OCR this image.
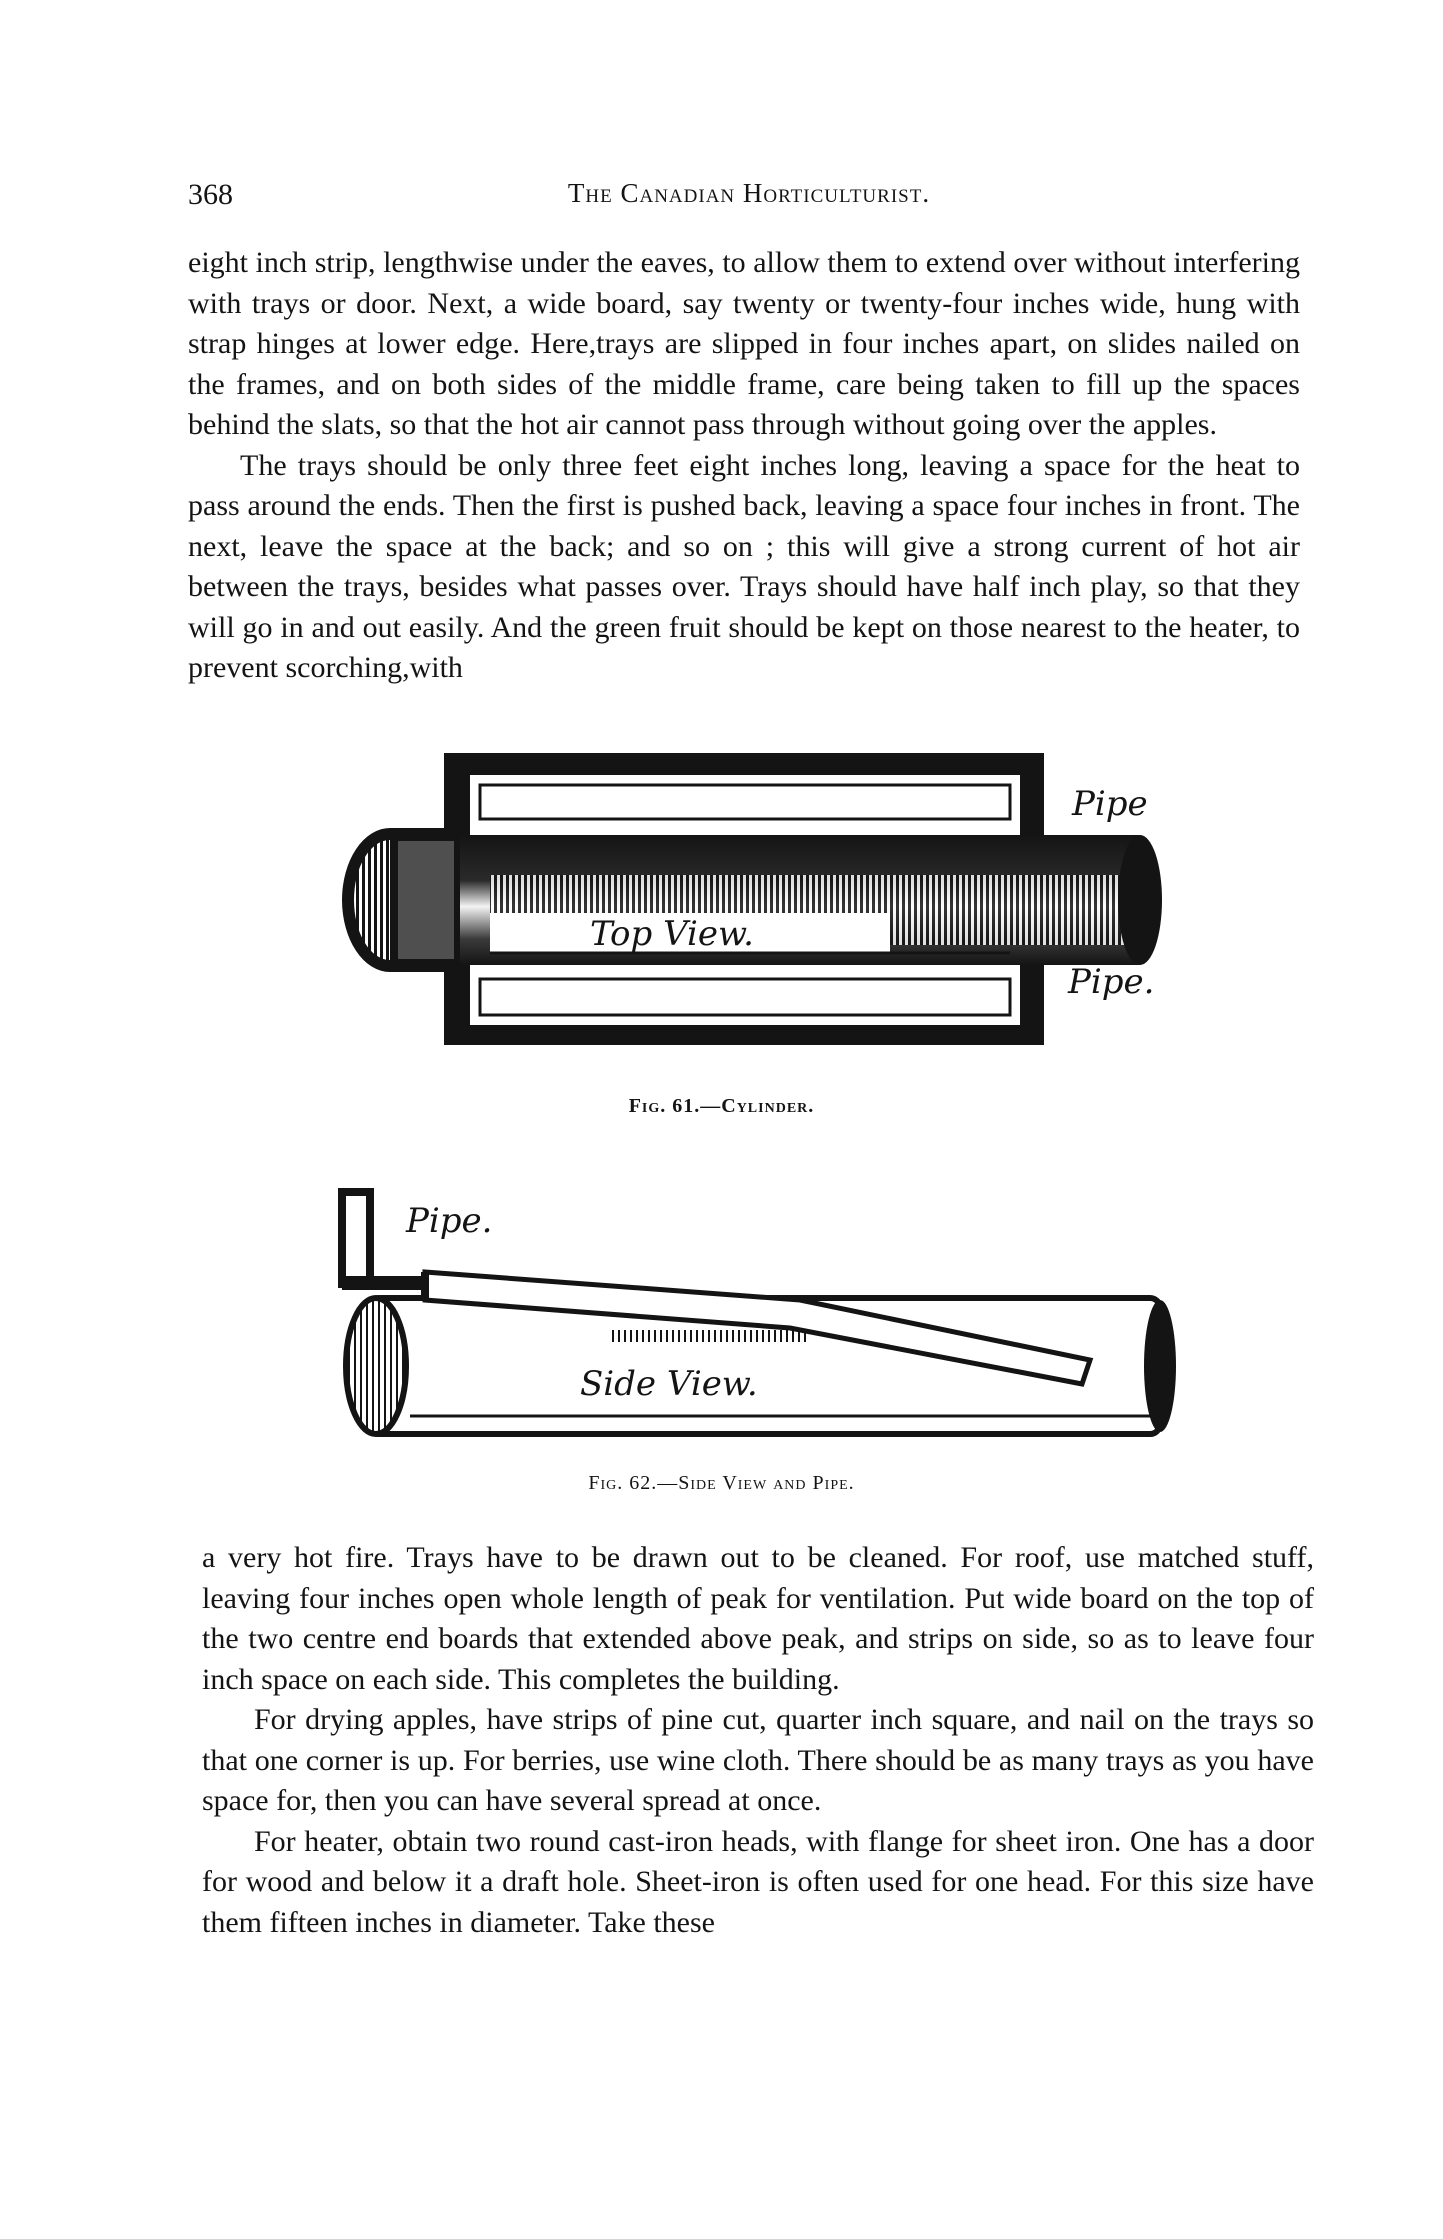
368	The Canadian Horticulturist.

eight inch strip, lengthwise under the eaves, to allow them to extend over without interfering with trays or door. Next, a wide board, say twenty or twenty-four inches wide, hung with strap hinges at lower edge. Here,trays are slipped in four inches apart, on slides nailed on the frames, and on both sides of the middle frame, care being taken to fill up the spaces behind the slats, so that the hot air cannot pass through without going over the apples.

The trays should be only three feet eight inches long, leaving a space for the heat to pass around the ends. Then the first is pushed back, leaving a space four inches in front. The next, leave the space at the back; and so on ; this will give a strong current of hot air between the trays, besides what passes over. Trays should have half inch play, so that they will go in and out easily. And the green fruit should be kept on those nearest to the heater, to prevent scorching,with

Top View.
Pipe
Pipe.
Fig. 61.—Cylinder.
Pipe.
Side View.
Fig. 62.—Side View and Pipe.

a very hot fire. Trays have to be drawn out to be cleaned. For roof, use matched stuff, leaving four inches open whole length of peak for ventilation. Put wide board on the top of the two centre end boards that extended above peak, and strips on side, so as to leave four inch space on each side. This completes the building.

For drying apples, have strips of pine cut, quarter inch square, and nail on the trays so that one corner is up. For berries, use wine cloth. There should be as many trays as you have space for, then you can have several spread at once.

For heater, obtain two round cast-iron heads, with flange for sheet iron. One has a door for wood and below it a draft hole. Sheet-iron is often used for one head. For this size have them fifteen inches in diameter. Take these
